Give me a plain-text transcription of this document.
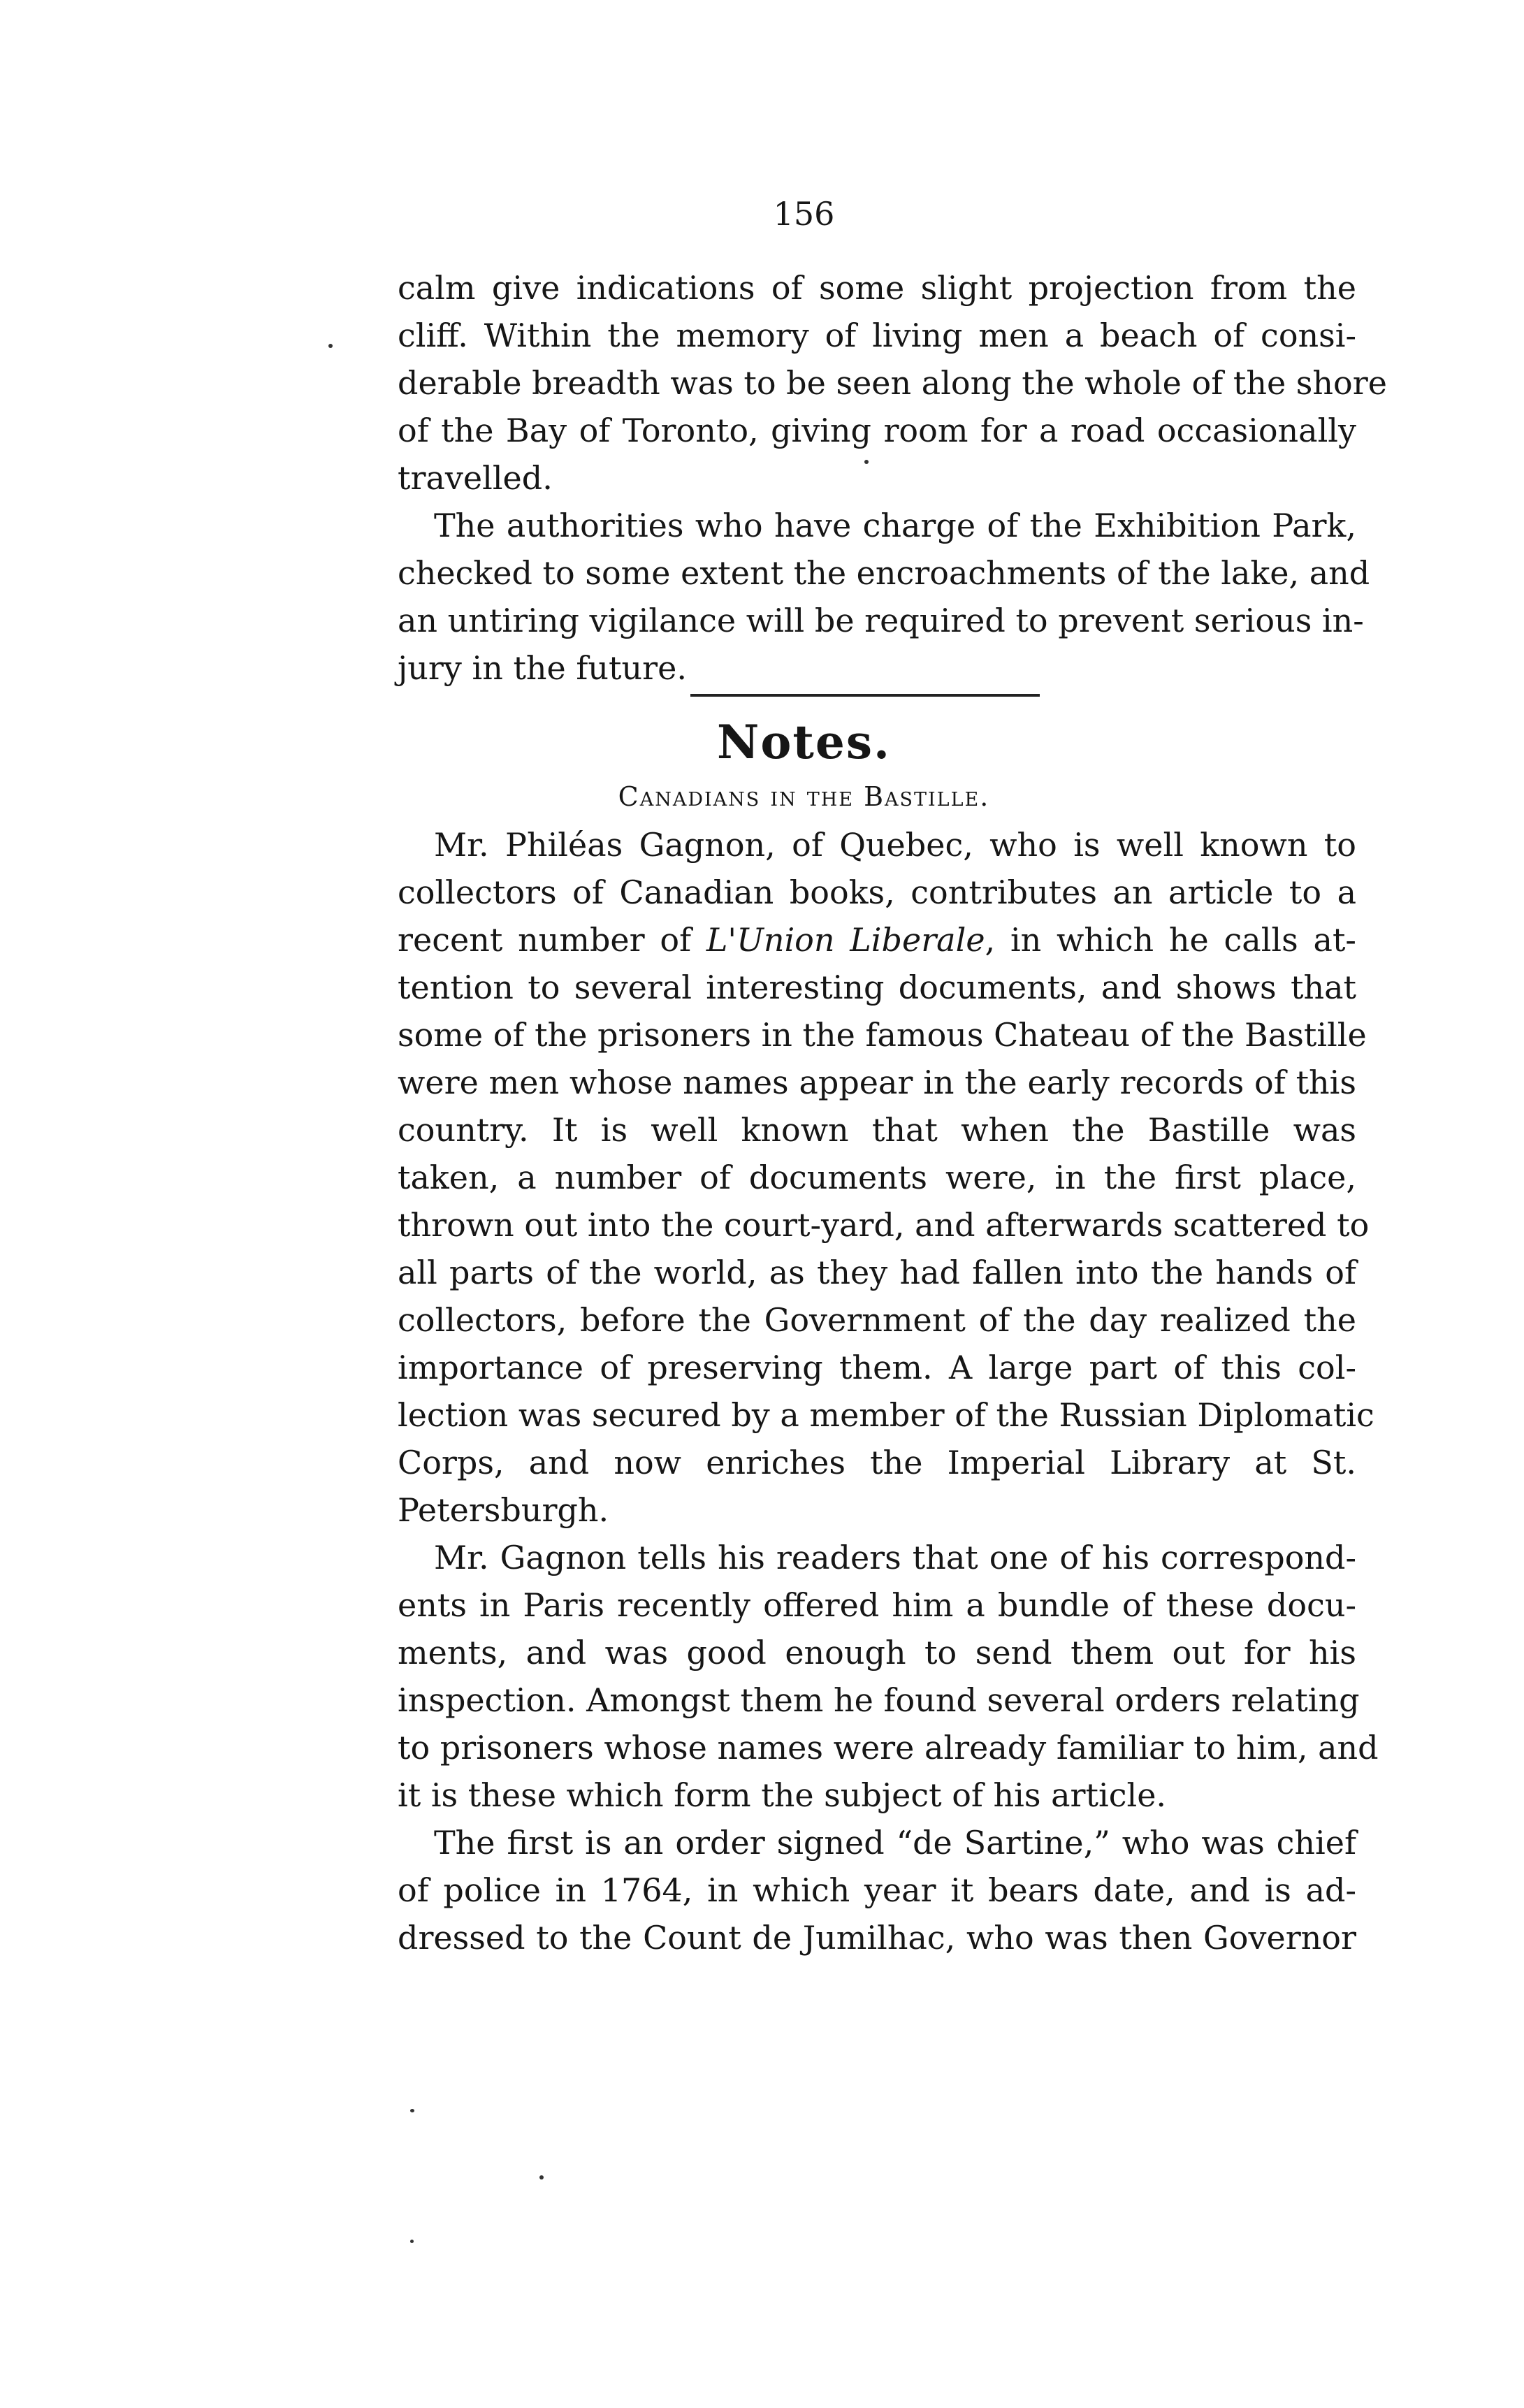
156
calm give indications of some slight projection from the
cliff. Within the memory of living men a beach of consi-
derable breadth was to be seen along the whole of the shore
of the Bay of Toronto, giving room for a road occasionally
travelled.
The authorities who have charge of the Exhibition Park,
checked to some extent the encroachments of the lake, and
an untiring vigilance will be required to prevent serious in-
jury in the future.
Notes.
Canadians in the Bastille.
Mr. Philéas Gagnon, of Quebec, who is well known to
collectors of Canadian books, contributes an article to a
recent number of L'Union Liberale, in which he calls at-
tention to several interesting documents, and shows that
some of the prisoners in the famous Chateau of the Bastille
were men whose names appear in the early records of this
country. It is well known that when the Bastille was
taken, a number of documents were, in the first place,
thrown out into the court-yard, and afterwards scattered to
all parts of the world, as they had fallen into the hands of
collectors, before the Government of the day realized the
importance of preserving them. A large part of this col-
lection was secured by a member of the Russian Diplomatic
Corps, and now enriches the Imperial Library at St.
Petersburgh.
Mr. Gagnon tells his readers that one of his correspond-
ents in Paris recently offered him a bundle of these docu-
ments, and was good enough to send them out for his
inspection. Amongst them he found several orders relating
to prisoners whose names were already familiar to him, and
it is these which form the subject of his article.
The first is an order signed “de Sartine,” who was chief
of police in 1764, in which year it bears date, and is ad-
dressed to the Count de Jumilhac, who was then Governor
